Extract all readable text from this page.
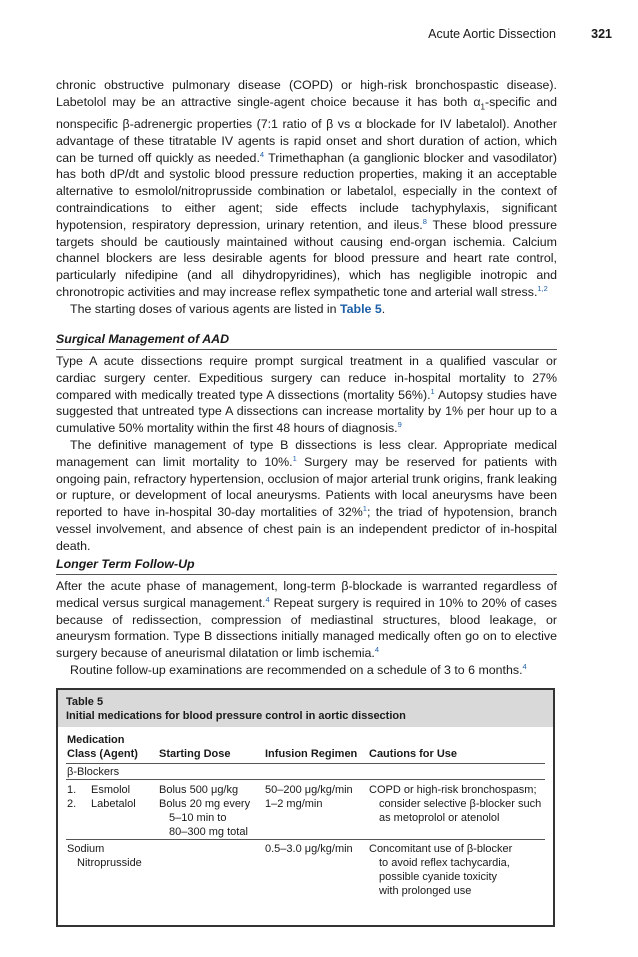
Acute Aortic Dissection	321

chronic obstructive pulmonary disease (COPD) or high-risk bronchospastic disease). Labetolol may be an attractive single-agent choice because it has both $\alpha_1$-specific and nonspecific β-adrenergic properties (7:1 ratio of β vs α blockade for IV labetalol). Another advantage of these titratable IV agents is rapid onset and short duration of action, which can be turned off quickly as needed.$^4$ Trimethaphan (a ganglionic blocker and vasodilator) has both dP/dt and systolic blood pressure reduction properties, making it an acceptable alternative to esmolol/nitroprusside combination or labetalol, especially in the context of contraindications to either agent; side effects include tachyphylaxis, significant hypotension, respiratory depression, urinary retention, and ileus.$^8$ These blood pressure targets should be cautiously maintained without causing end-organ ischemia. Calcium channel blockers are less desirable agents for blood pressure and heart rate control, particularly nifedipine (and all dihydropyridines), which has negligible inotropic and chronotropic activities and may increase reflex sympathetic tone and arterial wall stress.$^{1,2}$

The starting doses of various agents are listed in Table 5.

Surgical Management of AAD

Type A acute dissections require prompt surgical treatment in a qualified vascular or cardiac surgery center. Expeditious surgery can reduce in-hospital mortality to 27% compared with medically treated type A dissections (mortality 56%).$^1$ Autopsy studies have suggested that untreated type A dissections can increase mortality by 1% per hour up to a cumulative 50% mortality within the first 48 hours of diagnosis.$^9$

The definitive management of type B dissections is less clear. Appropriate medical management can limit mortality to 10%.$^1$ Surgery may be reserved for patients with ongoing pain, refractory hypertension, occlusion of major arterial trunk origins, frank leaking or rupture, or development of local aneurysms. Patients with local aneurysms have been reported to have in-hospital 30-day mortalities of 32%$^1$; the triad of hypotension, branch vessel involvement, and absence of chest pain is an independent predictor of in-hospital death.

Longer Term Follow-Up

After the acute phase of management, long-term β-blockade is warranted regardless of medical versus surgical management.$^4$ Repeat surgery is required in 10% to 20% of cases because of redissection, compression of mediastinal structures, blood leakage, or aneurysm formation. Type B dissections initially managed medically often go on to elective surgery because of aneurismal dilatation or limb ischemia.$^4$

Routine follow-up examinations are recommended on a schedule of 3 to 6 months.$^4$

Table 5
Initial medications for blood pressure control in aortic dissection
Medication
Class (Agent) Starting Dose	Infusion Regimen Cautions for Use
β-Blockers
1. Esmolol
2. Labetalol
Bolus 500 μg/kg
Bolus 20 mg every
5–10 min to
80–300 mg total
50–200 μg/kg/min
1–2 mg/min
COPD or high-risk bronchospasm;
consider selective β-blocker such
as metoprolol or atenolol
Sodium
Nitroprusside
0.5–3.0 μg/kg/min Concomitant use of β-blocker
to avoid reflex tachycardia,
possible cyanide toxicity
with prolonged use
